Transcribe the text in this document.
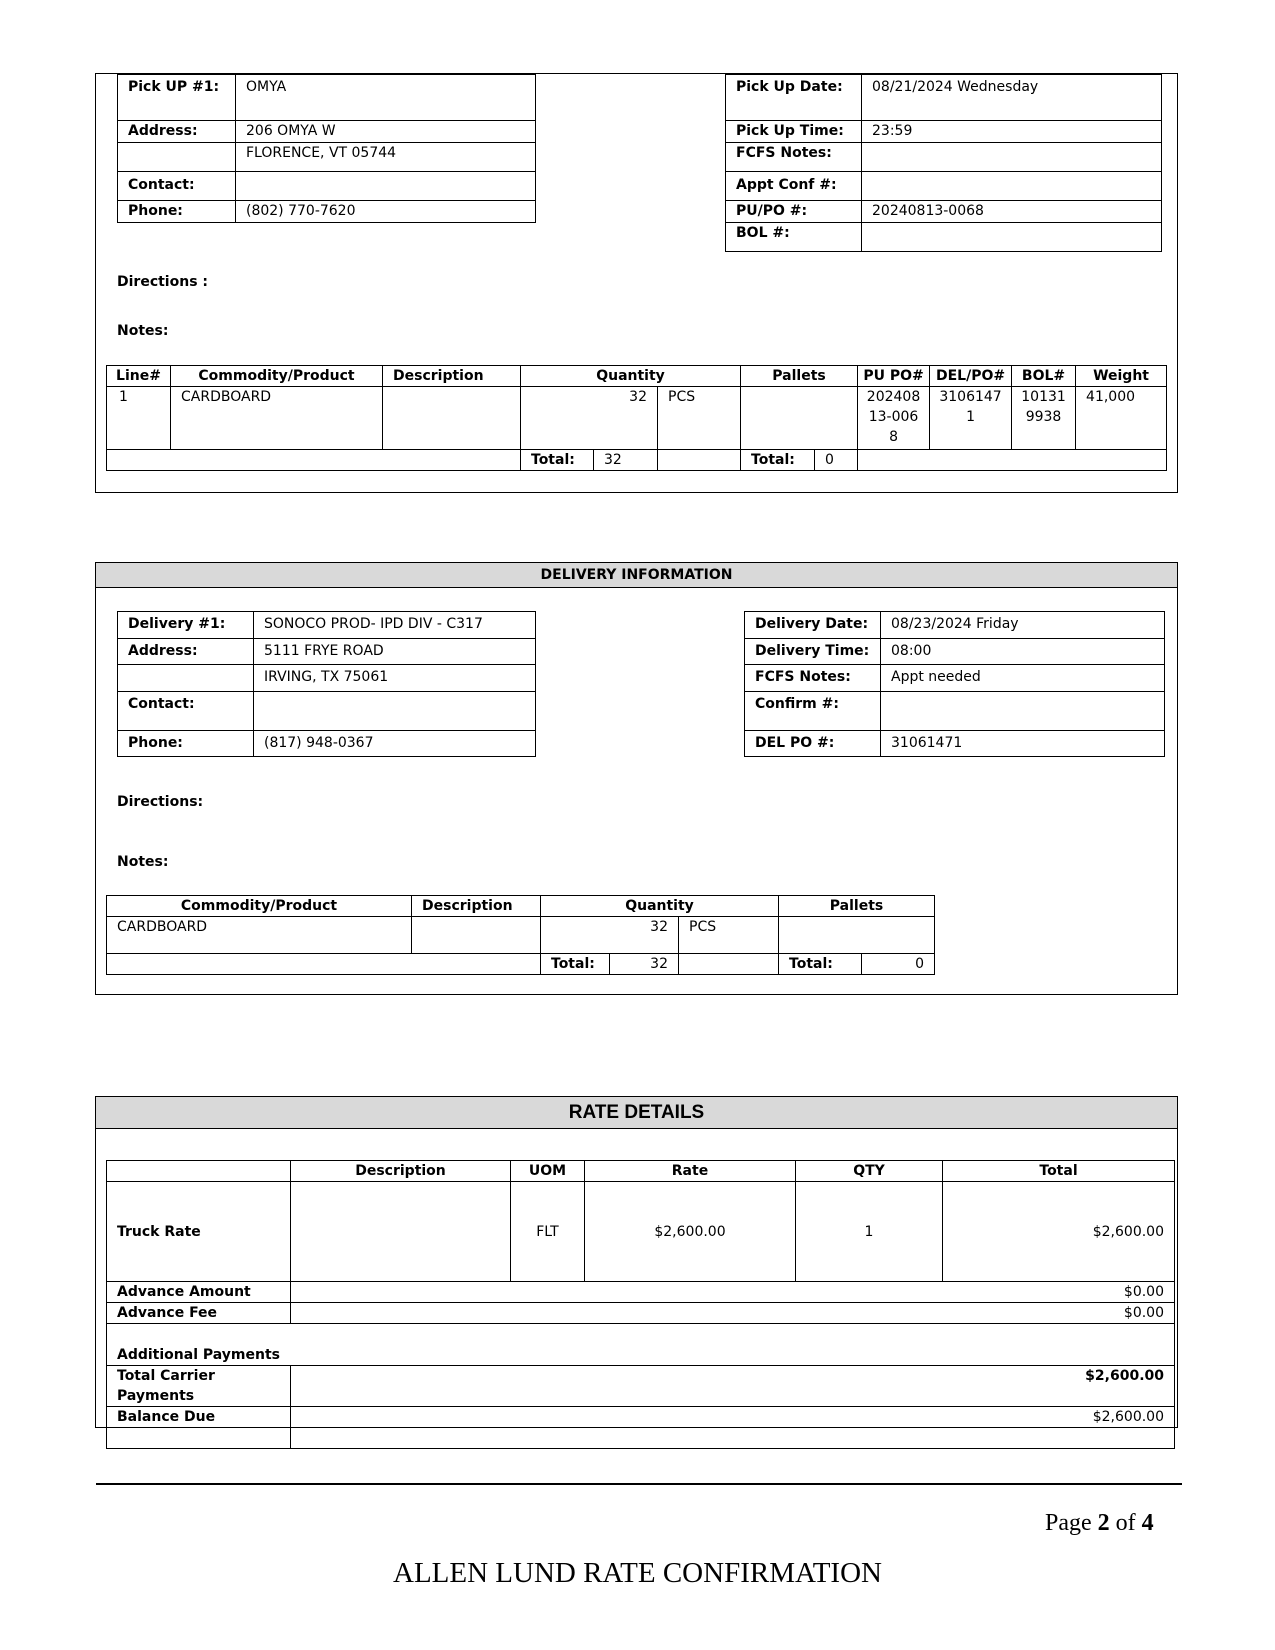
Pick UP #1:	OMYA
Address:	206 OMYA W
	FLORENCE, VT 05744
Contact:	
Phone:	(802) 770-7620
Pick Up Date:	08/21/2024 Wednesday
Pick Up Time:	23:59
FCFS Notes:	
Appt Conf #:	
PU/PO #:	20240813-0068
BOL #:	
Directions :
Notes:
Line#	Commodity/Product	Description	Quantity			Pallets		PU PO#	DEL/PO#	BOL#	Weight
1	CARDBOARD		32		PCS			20240813-0068	31061471	101319938	41,000
			Total:	32		Total:	0				
DELIVERY INFORMATION
Delivery #1:	SONOCO PROD- IPD DIV - C317
Address:	5111 FRYE ROAD
	IRVING, TX 75061
Contact:	
Phone:	(817) 948-0367
Delivery Date:	08/23/2024 Friday
Delivery Time:	08:00
FCFS Notes:	Appt needed
Confirm #:	
DEL PO #:	31061471
Directions:
Notes:
Commodity/Product	Description	Quantity			Pallets	
CARDBOARD		32		PCS		
		Total:	32		Total:	0
RATE DETAILS
	Description	UOM	Rate	QTY	Total
Truck Rate		FLT	$2,600.00	1	$2,600.00
Advance Amount	$0.00				
Advance Fee	$0.00				
Additional Payments					
Total Carrier Payments	$2,600.00				
Balance Due	$2,600.00				

Page 2 of 4
ALLEN LUND RATE CONFIRMATION
